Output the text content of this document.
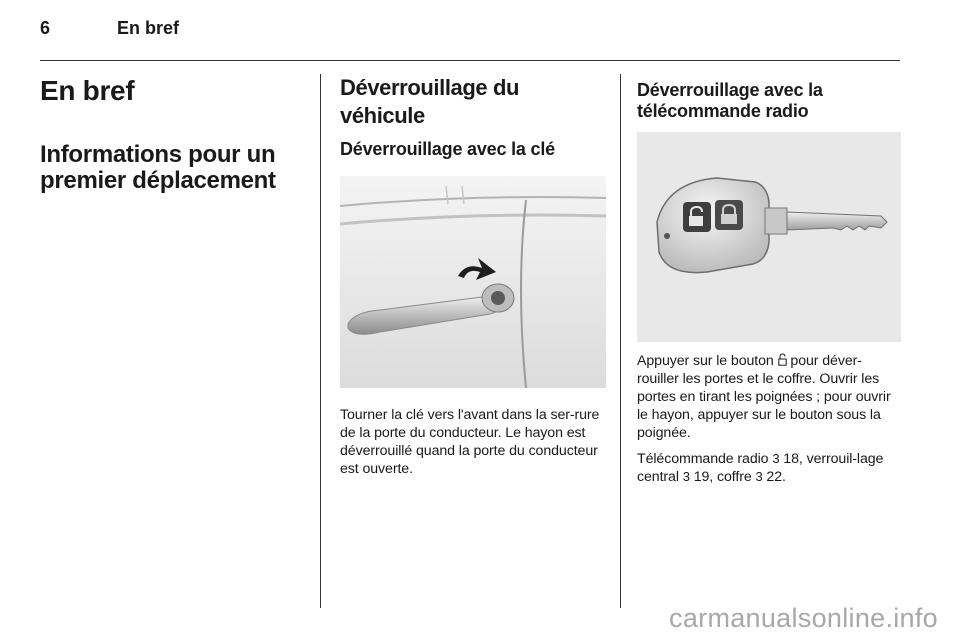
6	En bref
En bref
Informations pour un
premier déplacement
Déverrouillage du véhicule
Déverrouillage avec la clé

Tourner la clé vers l'avant dans la ser-rure de la porte du conducteur. Le hayon est déverrouillé quand la porte du conducteur est ouverte.

Déverrouillage avec la
télécommande radio

Appuyer sur le bouton  pour déver-rouiller les portes et le coffre. Ouvrir les portes en tirant les poignées ; pour ouvrir le hayon, appuyer sur le bouton sous la poignée.

Télécommande radio 3 18, verrouil-lage central 3 19, coffre 3 22.

carmanualsonline.info
